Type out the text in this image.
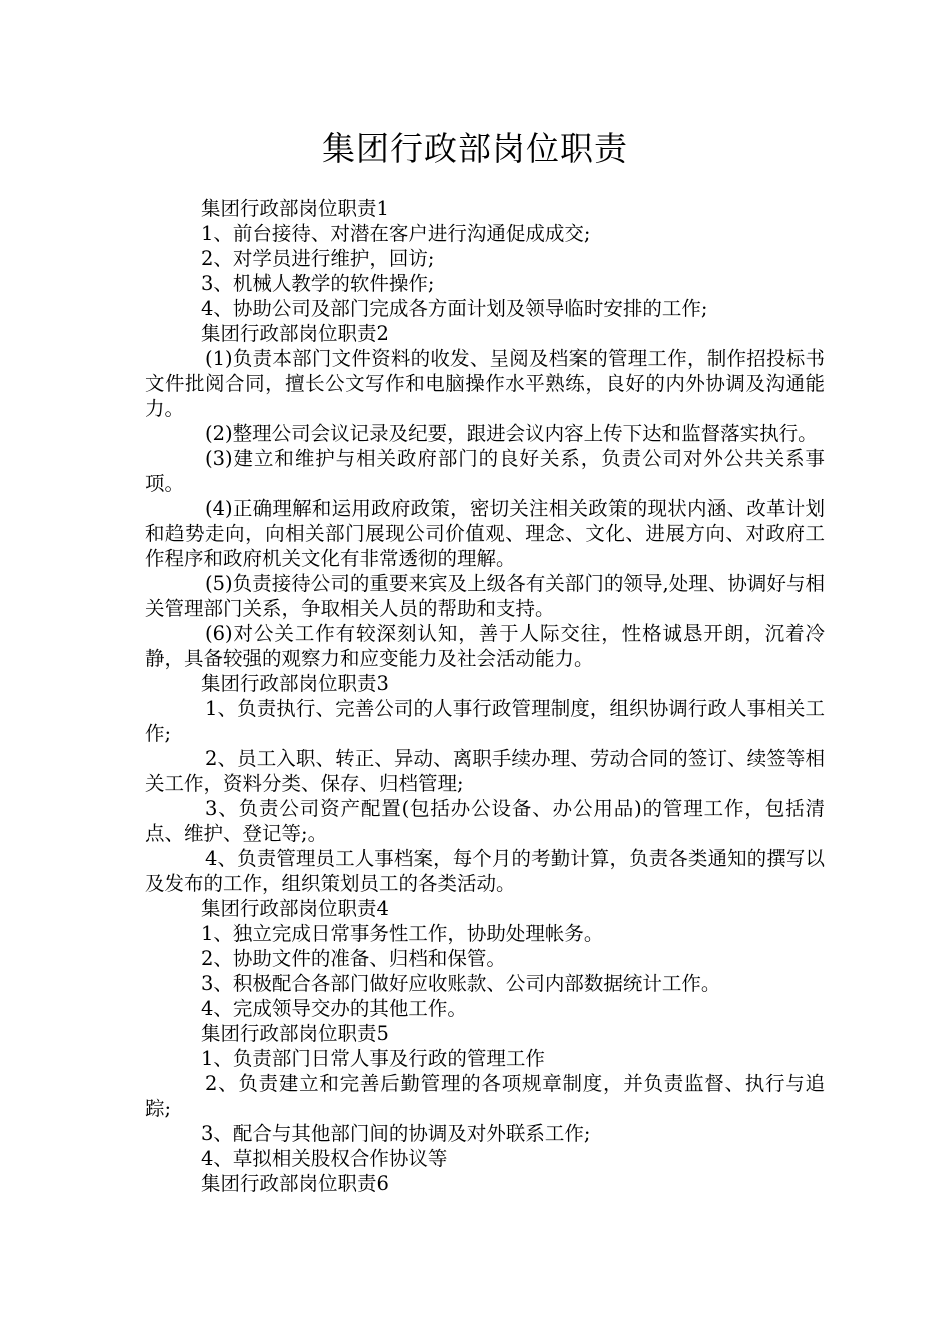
集团行政部岗位职责

集团行政部岗位职责1

1、前台接待、对潜在客户进行沟通促成成交;

2、对学员进行维护，回访;

3、机械人教学的软件操作;

4、协助公司及部门完成各方面计划及领导临时安排的工作;

集团行政部岗位职责2

(1)负责本部门文件资料的收发、呈阅及档案的管理工作，制作招投标书文件批阅合同，擅长公文写作和电脑操作水平熟练，良好的内外协调及沟通能力。

(2)整理公司会议记录及纪要，跟进会议内容上传下达和监督落实执行。

(3)建立和维护与相关政府部门的良好关系，负责公司对外公共关系事项。

(4)正确理解和运用政府政策，密切关注相关政策的现状内涵、改革计划和趋势走向，向相关部门展现公司价值观、理念、文化、进展方向、对政府工作程序和政府机关文化有非常透彻的理解。

(5)负责接待公司的重要来宾及上级各有关部门的领导,处理、协调好与相关管理部门关系，争取相关人员的帮助和支持。

(6)对公关工作有较深刻认知，善于人际交往，性格诚恳开朗，沉着冷静，具备较强的观察力和应变能力及社会活动能力。

集团行政部岗位职责3

1、负责执行、完善公司的人事行政管理制度，组织协调行政人事相关工作;

2、员工入职、转正、异动、离职手续办理、劳动合同的签订、续签等相关工作，资料分类、保存、归档管理;

3、负责公司资产配置(包括办公设备、办公用品)的管理工作，包括清点、维护、登记等;。

4、负责管理员工人事档案，每个月的考勤计算，负责各类通知的撰写以及发布的工作，组织策划员工的各类活动。

集团行政部岗位职责4

1、独立完成日常事务性工作，协助处理帐务。

2、协助文件的准备、归档和保管。

3、积极配合各部门做好应收账款、公司内部数据统计工作。

4、完成领导交办的其他工作。

集团行政部岗位职责5

1、负责部门日常人事及行政的管理工作

2、负责建立和完善后勤管理的各项规章制度，并负责监督、执行与追踪;

3、配合与其他部门间的协调及对外联系工作;

4、草拟相关股权合作协议等

集团行政部岗位职责6
